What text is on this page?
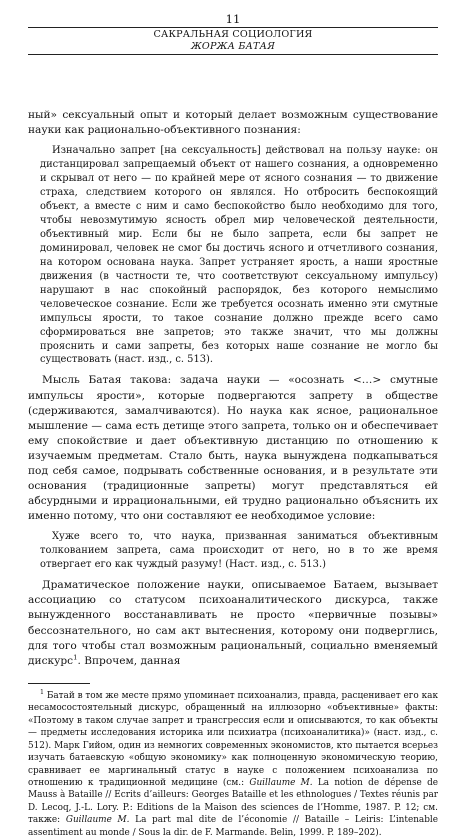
11
САКРАЛЬНАЯ СОЦИОЛОГИЯ
ЖОРЖА БАТАЯ

ный» сексуальный опыт и который делает возможным существование науки как рационально-объективного познания:

Изначально запрет [на сексуальность] действовал на пользу науке: он дистанцировал запрещаемый объект от нашего сознания, а одновременно и скрывал от него — по крайней мере от ясного сознания — то движение страха, следствием которого он являлся. Но отбросить беспокоящий объект, а вместе с ним и само беспокойство было необходимо для того, чтобы невозмутимую ясность обрел мир человеческой деятельности, объективный мир. Если бы не было запрета, если бы запрет не доминировал, человек не смог бы достичь ясного и отчетливого сознания, на котором основана наука. Запрет устраняет ярость, а наши яростные движения (в частности те, что соответствуют сексуальному импульсу) нарушают в нас спокойный распорядок, без которого немыслимо человеческое сознание. Если же требуется осознать именно эти смутные импульсы ярости, то такое сознание должно прежде всего само сформироваться вне запретов; это также значит, что мы должны прояснить и сами запреты, без которых наше сознание не могло бы существовать (наст. изд., с. 513).

Мысль Батая такова: задача науки — «осознать <…> смутные импульсы ярости», которые подвергаются запрету в обществе (сдерживаются, замалчиваются). Но наука как ясное, рациональное мышление — сама есть детище этого запрета, только он и обеспечивает ему спокойствие и дает объективную дистанцию по отношению к изучаемым предметам. Стало быть, наука вынуждена подкапываться под себя самое, подрывать собственные основания, и в результате эти основания (традиционные запреты) могут представляться ей абсурдными и иррациональными, ей трудно рационально объяснить их именно потому, что они составляют ее необходимое условие:

Хуже всего то, что наука, призванная заниматься объективным толкованием запрета, сама происходит от него, но в то же время отвергает его как чуждый разуму! (Наст. изд., с. 513.)

Драматическое положение науки, описываемое Батаем, вызывает ассоциацию со статусом психоаналитического дискурса, также вынужденного восстанавливать не просто «первичные позывы» бессознательного, но сам акт вытеснения, которому они подверглись, для того чтобы стал возможным рациональный, социально вменяемый дискурс$^1$. Впрочем, данная

$^1$ Батай в том же месте прямо упоминает психоанализ, правда, расценивает его как несамосостоятельный дискурс, обращенный на иллюзорно «объективные» факты: «Поэтому в таком случае запрет и трансгрессия если и описываются, то как объекты — предметы исследования историка или психиатра (психоаналитика)» (наст. изд., с. 512). Марк Гийом, один из немногих современных экономистов, кто пытается всерьез изучать батаевскую «общую экономику» как полноценную экономическую теорию, сравнивает ее маргинальный статус в науке с положением психоанализа по отношению к традиционной медицине (см.: Guillaume M. La notion de dépense de Mauss à Bataille // Ecrits d’ailleurs: Georges Bataille et les ethnologues / Textes réunis par D. Lecoq, J.-L. Lory. P.: Editions de la Maison des sciences de l’Homme, 1987. P. 12; см. также: Guillaume M. La part mal dite de l’économie // Bataille – Leiris: L’intenable assentiment au monde / Sous la dir. de F. Marmande. Belin, 1999. P. 189–202).
